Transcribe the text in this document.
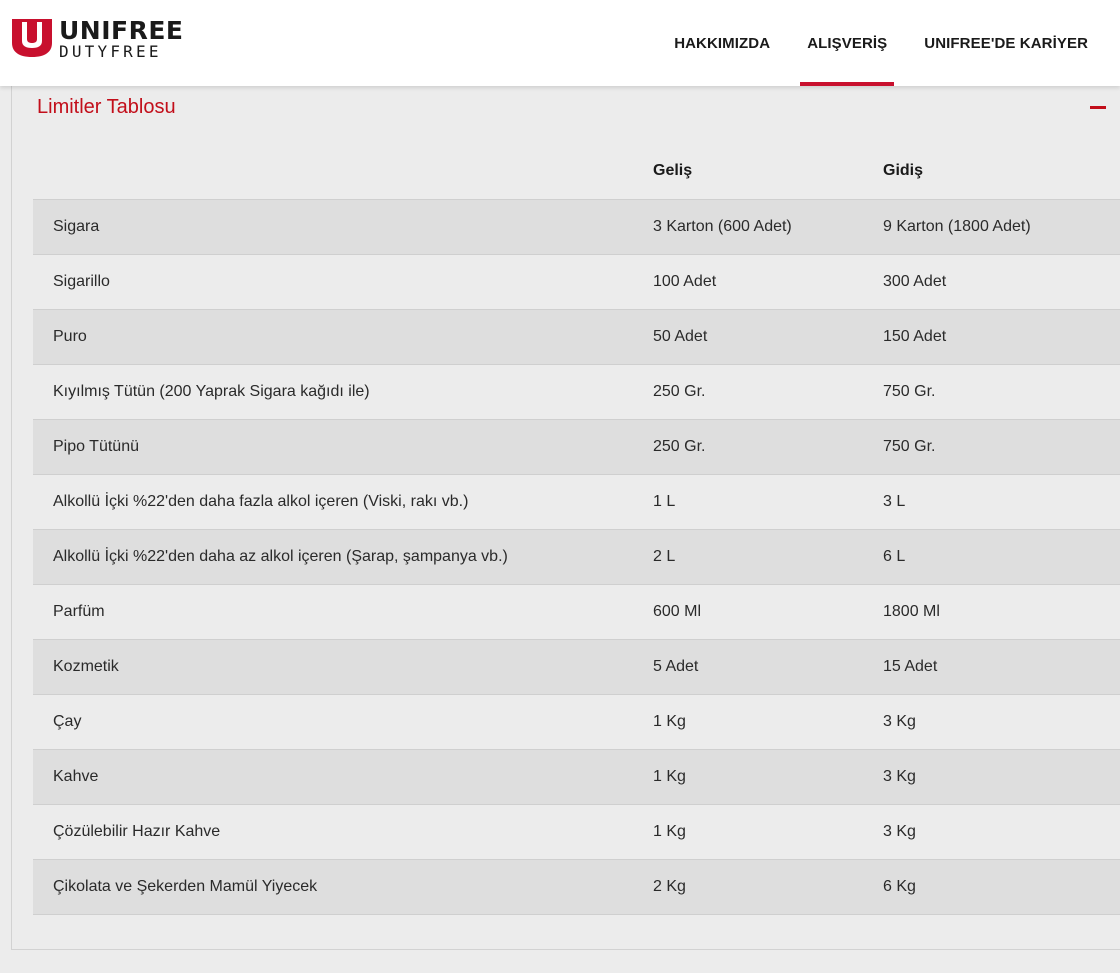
UNIFREE
DUTYFREE	HAKKIMIZDA ALIŞVERİŞ UNIFREE'DE KARİYER
Limitler Tablosu
	Geliş	Gidiş
Sigara	3 Karton (600 Adet)	9 Karton (1800 Adet)
Sigarillo	100 Adet	300 Adet
Puro	50 Adet	150 Adet
Kıyılmış Tütün (200 Yaprak Sigara kağıdı ile)	250 Gr.	750 Gr.
Pipo Tütünü	250 Gr.	750 Gr.
Alkollü İçki %22'den daha fazla alkol içeren (Viski, rakı vb.)	1 L	3 L
Alkollü İçki %22'den daha az alkol içeren (Şarap, şampanya vb.)	2 L	6 L
Parfüm	600 Ml	1800 Ml
Kozmetik	5 Adet	15 Adet
Çay	1 Kg	3 Kg
Kahve	1 Kg	3 Kg
Çözülebilir Hazır Kahve	1 Kg	3 Kg
Çikolata ve Şekerden Mamül Yiyecek	2 Kg	6 Kg
